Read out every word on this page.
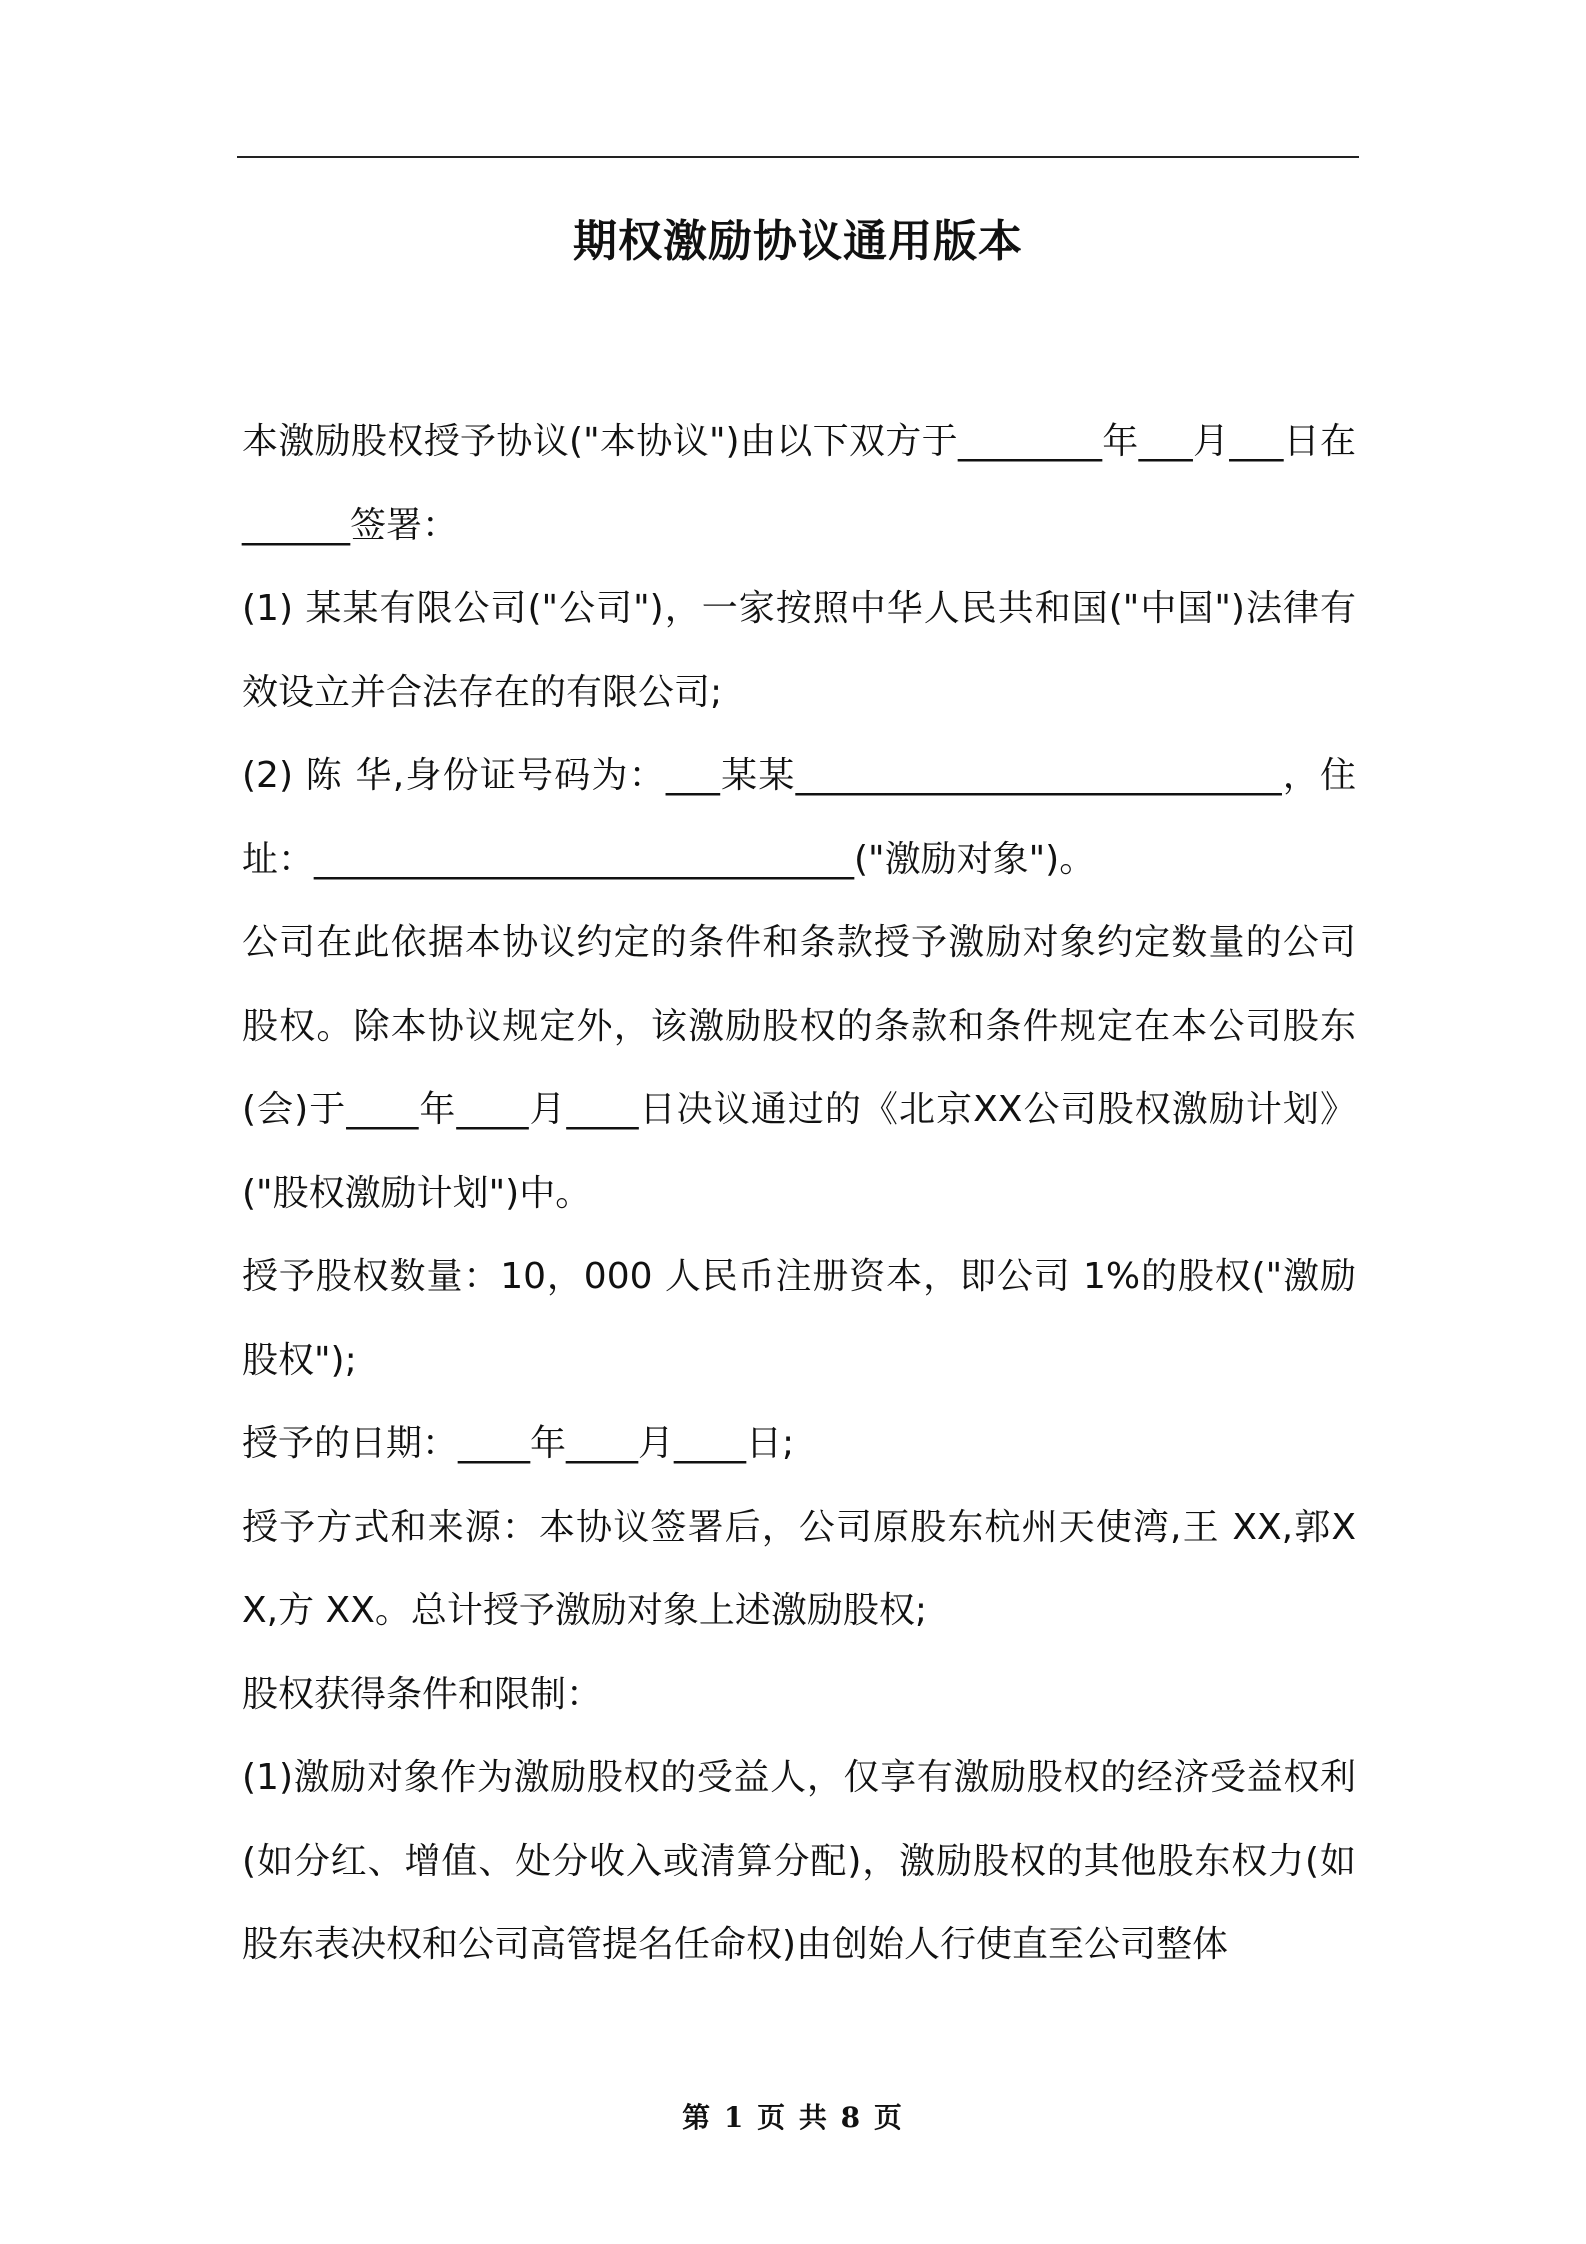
期权激励协议通用版本

本激励股权授予协议("本协议")由以下双方于________年___月___日在______签署：

(1) 某某有限公司("公司")，一家按照中华人民共和国("中国")法律有效设立并合法存在的有限公司;

(2) 陈 华,身份证号码为：___某某___________________________，住址：______________________________("激励对象")。

公司在此依据本协议约定的条件和条款授予激励对象约定数量的公司股权。除本协议规定外，该激励股权的条款和条件规定在本公司股东(会)于____年____月____日决议通过的《北京XX公司股权激励计划》("股权激励计划")中。

授予股权数量：10，000 人民币注册资本，即公司 1%的股权("激励股权");

授予的日期：____年____月____日;

授予方式和来源：本协议签署后，公司原股东杭州天使湾,王 XX,郭XX,方 XX。总计授予激励对象上述激励股权;

股权获得条件和限制：

(1)激励对象作为激励股权的受益人，仅享有激励股权的经济受益权利(如分红、增值、处分收入或清算分配)，激励股权的其他股东权力(如股东表决权和公司高管提名任命权)由创始人行使直至公司整体

第 1 页 共 8 页
